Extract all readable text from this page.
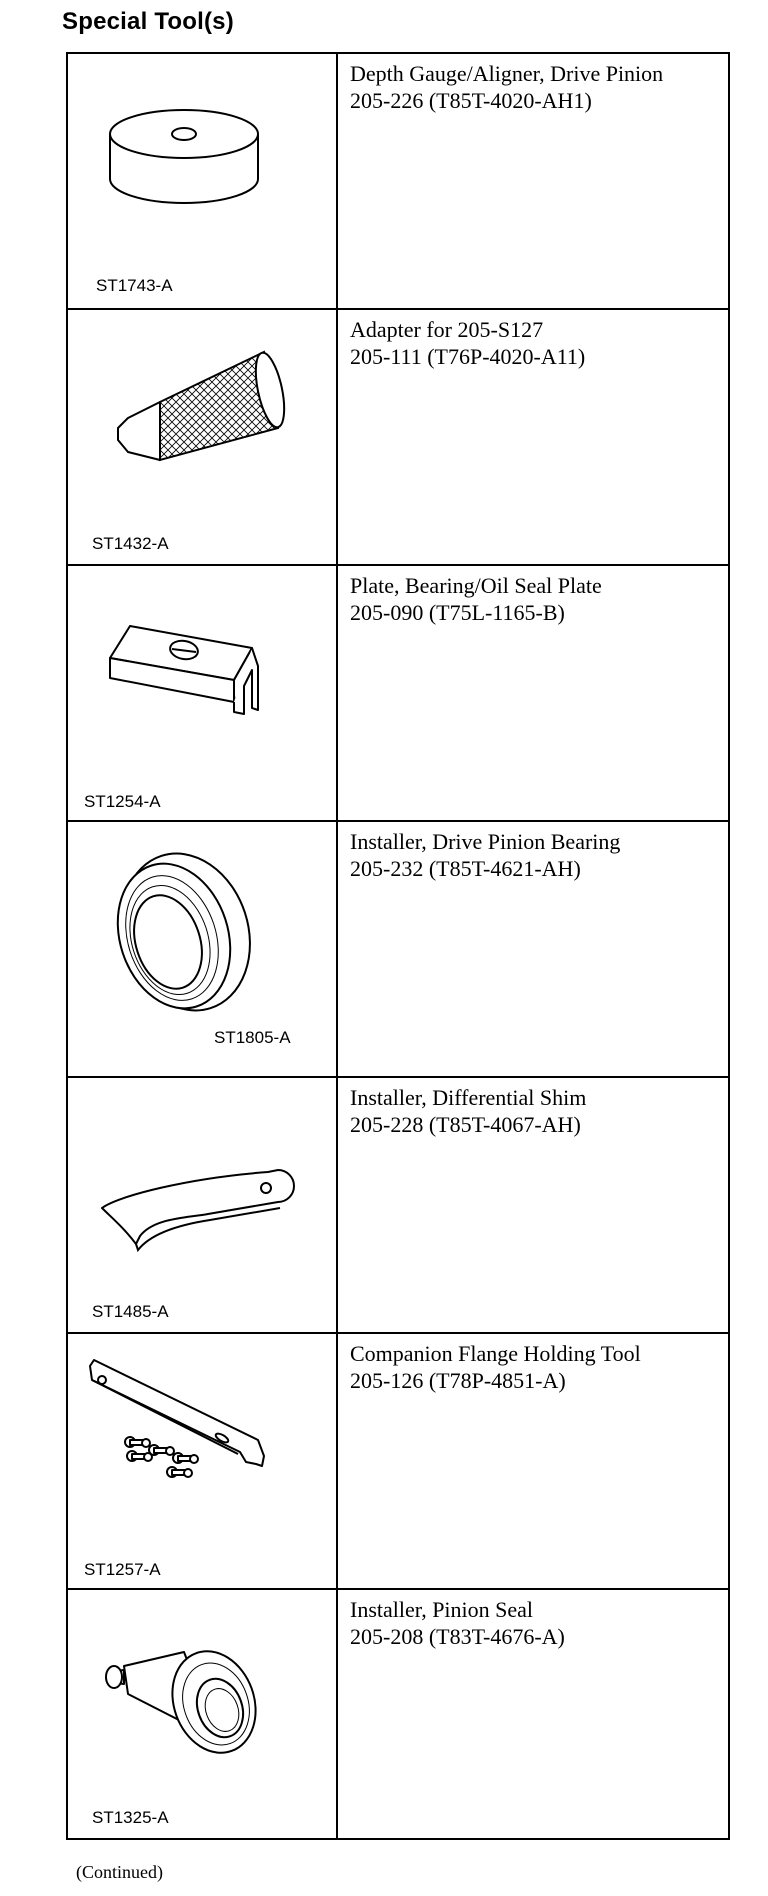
Special Tool(s)
ST1743-A	Depth Gauge/Aligner, Drive Pinion
205-226 (T85T-4020-AH1)

ST1432-A	Adapter for 205-S127
205-111 (T76P-4020-A11)

ST1254-A	Plate, Bearing/Oil Seal Plate
205-090 (T75L-1165-B)

ST1805-A	Installer, Drive Pinion Bearing
205-232 (T85T-4621-AH)

ST1485-A	Installer, Differential Shim
205-228 (T85T-4067-AH)

ST1257-A	Companion Flange Holding Tool
205-126 (T78P-4851-A)

ST1325-A	Installer, Pinion Seal
205-208 (T83T-4676-A)
(Continued)
